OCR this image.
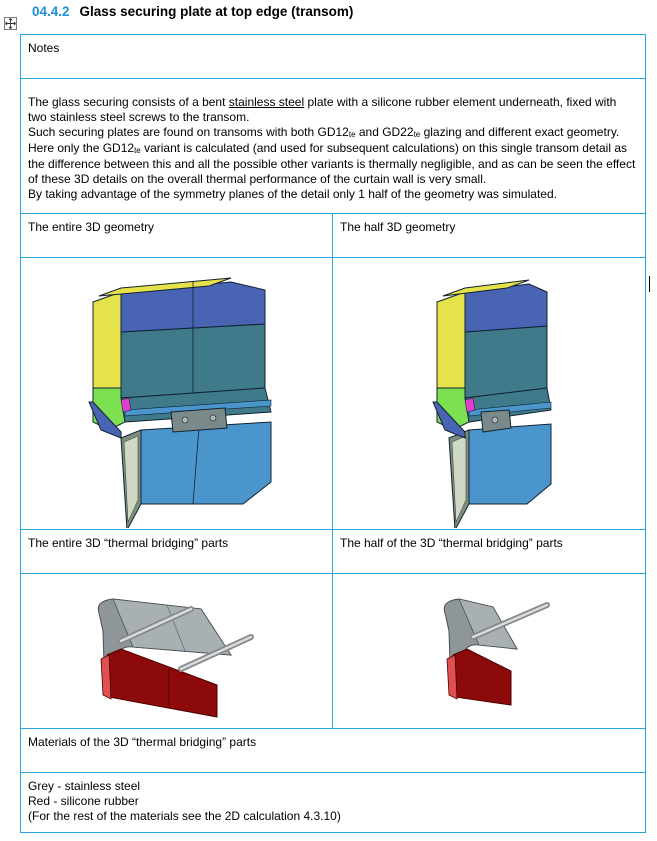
04.4.2 Glass securing plate at top edge (transom)
Notes	

The glass securing consists of a bent stainless steel plate with a silicone rubber element underneath, fixed with two stainless steel screws to the transom.

Such securing plates are found on transoms with both $GD12_{te}$ and $GD22_{te}$ glazing and different exact geometry. Here only the $GD12_{te}$ variant is calculated (and used for subsequent calculations) on this single transom detail as the difference between this and all the possible other variants is thermally negligible, and as can be seen the effect of these 3D details on the overall thermal performance of the curtain wall is very small.

By taking advantage of the symmetry planes of the detail only 1 half of the geometry was simulated.	

The entire 3D geometry	The half 3D geometry

The entire 3D “thermal bridging” parts	The half of the 3D “thermal bridging” parts

Materials of the 3D “thermal bridging” parts	

Grey - stainless steel
Red - silicone rubber
(For the rest of the materials see the 2D calculation 4.3.10)	
